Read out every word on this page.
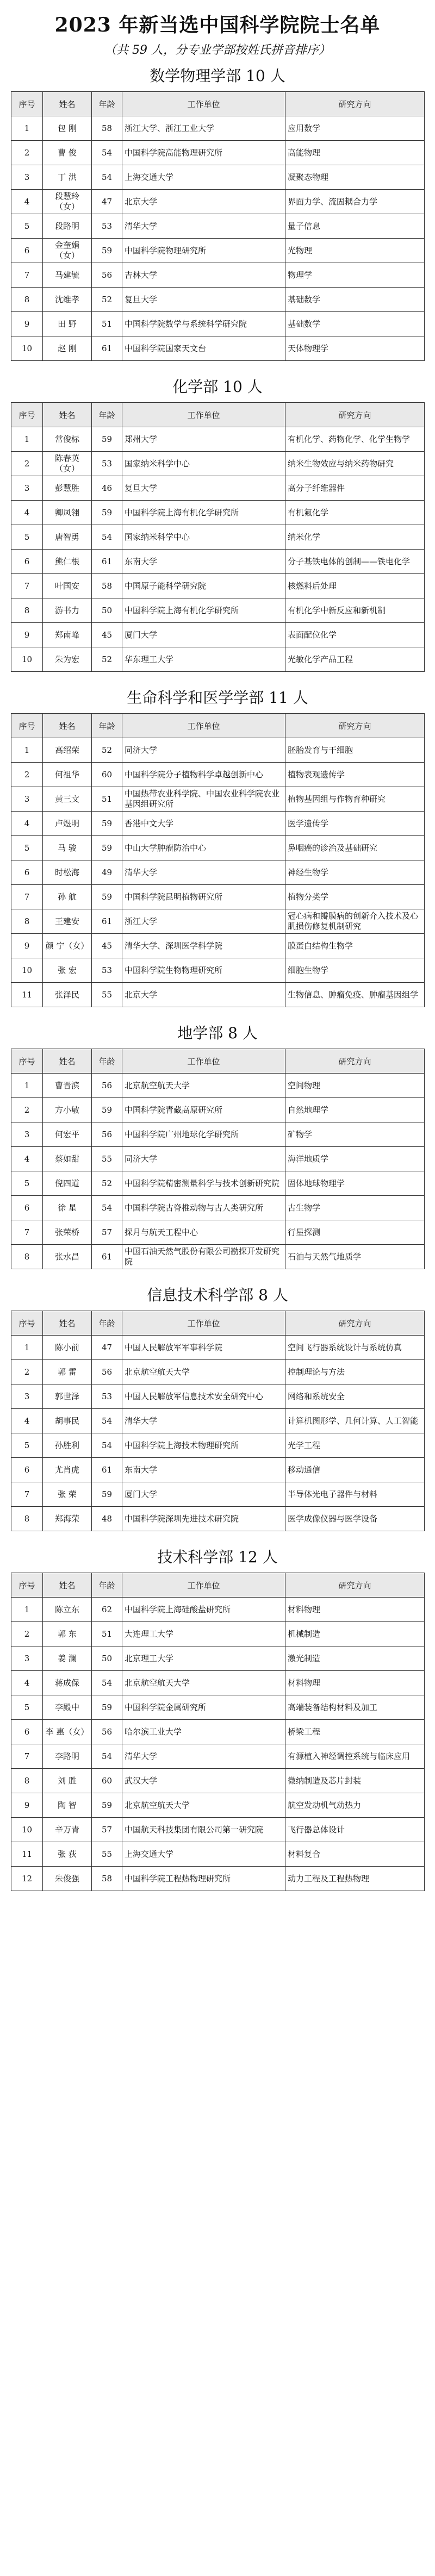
2023 年新当选中国科学院院士名单
（共 59 人，分专业学部按姓氏拼音排序）
数学物理学部 10 人
序号	姓名	年龄	工作单位	研究方向
1	包 刚	58	浙江大学、浙江工业大学	应用数学
2	曹 俊	54	中国科学院高能物理研究所	高能物理
3	丁 洪	54	上海交通大学	凝聚态物理
4	段慧玲（女）	47	北京大学	界面力学、流固耦合力学
5	段路明	53	清华大学	量子信息
6	金奎娟（女）	59	中国科学院物理研究所	光物理
7	马建毓	56	吉林大学	物理学
8	沈维孝	52	复旦大学	基础数学
9	田 野	51	中国科学院数学与系统科学研究院	基础数学
10	赵 刚	61	中国科学院国家天文台	天体物理学
化学部 10 人
序号	姓名	年龄	工作单位	研究方向
1	常俊标	59	郑州大学	有机化学、药物化学、化学生物学
2	陈春英（女）	53	国家纳米科学中心	纳米生物效应与纳米药物研究
3	彭慧胜	46	复旦大学	高分子纤维器件
4	卿凤翎	59	中国科学院上海有机化学研究所	有机氟化学
5	唐智勇	54	国家纳米科学中心	纳米化学
6	熊仁根	61	东南大学	分子基铁电体的创制——铁电化学
7	叶国安	58	中国原子能科学研究院	核燃料后处理
8	游书力	50	中国科学院上海有机化学研究所	有机化学中新反应和新机制
9	郑南峰	45	厦门大学	表面配位化学
10	朱为宏	52	华东理工大学	光敏化学产品工程
生命科学和医学学部 11 人
序号	姓名	年龄	工作单位	研究方向
1	高绍荣	52	同济大学	胚胎发育与干细胞
2	何祖华	60	中国科学院分子植物科学卓越创新中心	植物表观遗传学
3	黄三文	51	中国热带农业科学院、中国农业科学院农业基因组研究所	植物基因组与作物育种研究
4	卢煜明	59	香港中文大学	医学遗传学
5	马 骏	59	中山大学肿瘤防治中心	鼻咽癌的诊治及基础研究
6	时松海	49	清华大学	神经生物学
7	孙 航	59	中国科学院昆明植物研究所	植物分类学
8	王建安	61	浙江大学	冠心病和瓣膜病的创新介入技术及心肌损伤修复机制研究
9	颜 宁（女）	45	清华大学、深圳医学科学院	膜蛋白结构生物学
10	张 宏	53	中国科学院生物物理研究所	细胞生物学
11	张泽民	55	北京大学	生物信息、肿瘤免疫、肿瘤基因组学
地学部 8 人
序号	姓名	年龄	工作单位	研究方向
1	曹晋滨	56	北京航空航天大学	空间物理
2	方小敏	59	中国科学院青藏高原研究所	自然地理学
3	何宏平	56	中国科学院广州地球化学研究所	矿物学
4	蔡如甜	55	同济大学	海洋地质学
5	倪四道	52	中国科学院精密测量科学与技术创新研究院	固体地球物理学
6	徐 星	54	中国科学院古脊椎动物与古人类研究所	古生物学
7	张荣桥	57	探月与航天工程中心	行星探测
8	张水昌	61	中国石油天然气股份有限公司勘探开发研究院	石油与天然气地质学
信息技术科学部 8 人
序号	姓名	年龄	工作单位	研究方向
1	陈小前	47	中国人民解放军军事科学院	空间飞行器系统设计与系统仿真
2	郭 雷	56	北京航空航天大学	控制理论与方法
3	郭世泽	53	中国人民解放军信息技术安全研究中心	网络和系统安全
4	胡事民	54	清华大学	计算机图形学、几何计算、人工智能
5	孙胜利	54	中国科学院上海技术物理研究所	光学工程
6	尤肖虎	61	东南大学	移动通信
7	张 荣	59	厦门大学	半导体光电子器件与材料
8	郑海荣	48	中国科学院深圳先进技术研究院	医学成像仪器与医学设备
技术科学部 12 人
序号	姓名	年龄	工作单位	研究方向
1	陈立东	62	中国科学院上海硅酸盐研究所	材料物理
2	郭 东	51	大连理工大学	机械制造
3	姜 澜	50	北京理工大学	激光制造
4	蒋成保	54	北京航空航天大学	材料物理
5	李殿中	59	中国科学院金属研究所	高端装备结构材料及加工
6	李 惠（女）	56	哈尔滨工业大学	桥梁工程
7	李路明	54	清华大学	有源植入神经调控系统与临床应用
8	刘 胜	60	武汉大学	微纳制造及芯片封装
9	陶 智	59	北京航空航天大学	航空发动机气动热力
10	辛万青	57	中国航天科技集团有限公司第一研究院	飞行器总体设计
11	张 荻	55	上海交通大学	材料复合
12	朱俊强	58	中国科学院工程热物理研究所	动力工程及工程热物理
